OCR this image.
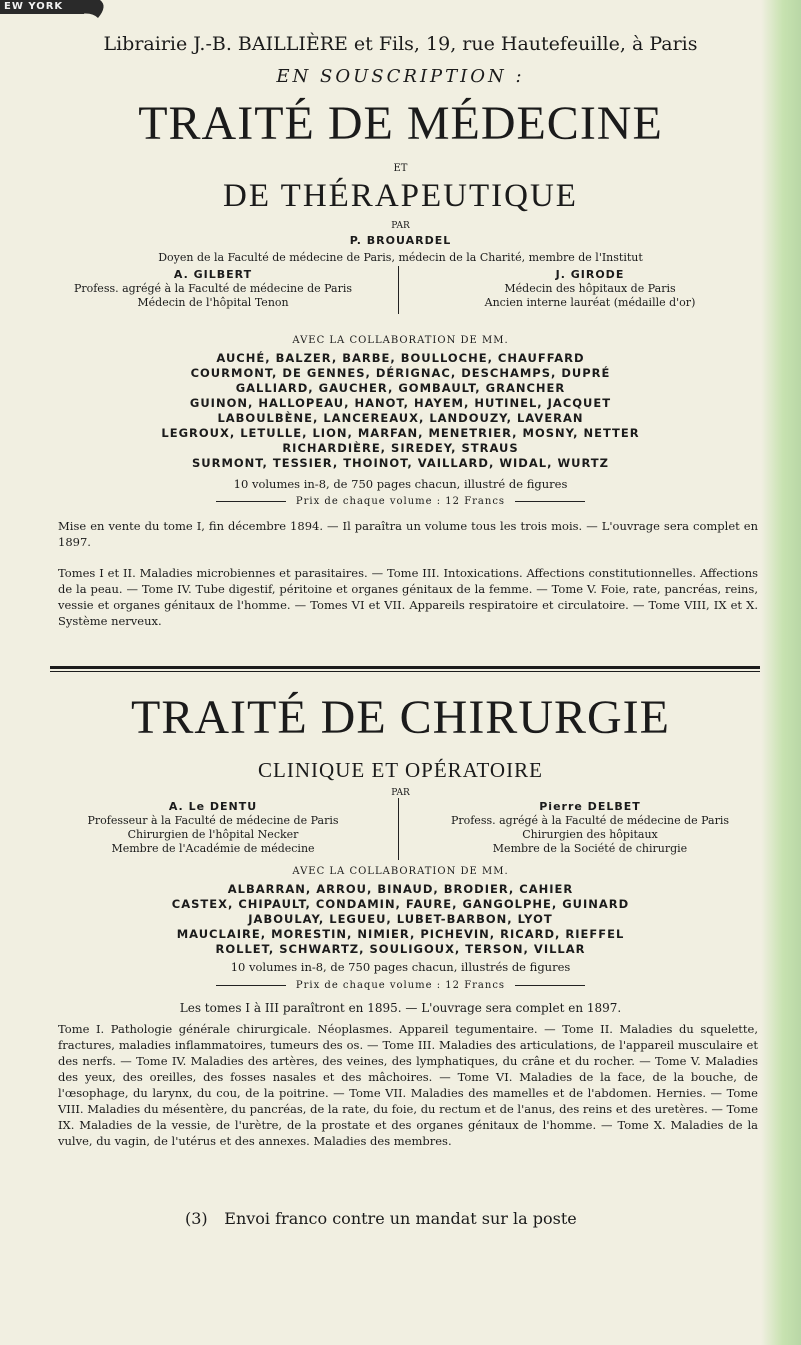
EW YORK
Librairie J.-B. BAILLIÈRE et Fils, 19, rue Hautefeuille, à Paris
EN SOUSCRIPTION :
TRAITÉ DE MÉDECINE
ET
DE THÉRAPEUTIQUE
PAR
P. BROUARDEL
Doyen de la Faculté de médecine de Paris, médecin de la Charité, membre de l'Institut
A. GILBERT
Profess. agrégé à la Faculté de médecine de Paris
Médecin de l'hôpital Tenon
J. GIRODE
Médecin des hôpitaux de Paris
Ancien interne lauréat (médaille d'or)
AVEC LA COLLABORATION DE MM.
AUCHÉ, BALZER, BARBE, BOULLOCHE, CHAUFFARD
COURMONT, DE GENNES, DÉRIGNAC, DESCHAMPS, DUPRÉ
GALLIARD, GAUCHER, GOMBAULT, GRANCHER
GUINON, HALLOPEAU, HANOT, HAYEM, HUTINEL, JACQUET
LABOULBÈNE, LANCEREAUX, LANDOUZY, LAVERAN
LEGROUX, LETULLE, LION, MARFAN, MENETRIER, MOSNY, NETTER
RICHARDIÈRE, SIREDEY, STRAUS
SURMONT, TESSIER, THOINOT, VAILLARD, WIDAL, WURTZ
10 volumes in-8, de 750 pages chacun, illustré de figures
Prix de chaque volume : 12 Francs
Mise en vente du tome I, fin décembre 1894. — Il paraîtra un volume tous les trois mois. — L'ouvrage sera complet en 1897.
Tomes I et II. Maladies microbiennes et parasitaires. — Tome III. Intoxications. Affections constitutionnelles. Affections de la peau. — Tome IV. Tube digestif, péritoine et organes génitaux de la femme. — Tome V. Foie, rate, pancréas, reins, vessie et organes génitaux de l'homme. — Tomes VI et VII. Appareils respiratoire et circulatoire. — Tome VIII, IX et X. Système nerveux.
TRAITÉ DE CHIRURGIE
CLINIQUE ET OPÉRATOIRE
PAR
A. Le DENTU
Professeur à la Faculté de médecine de Paris
Chirurgien de l'hôpital Necker
Membre de l'Académie de médecine
Pierre DELBET
Profess. agrégé à la Faculté de médecine de Paris
Chirurgien des hôpitaux
Membre de la Société de chirurgie
AVEC LA COLLABORATION DE MM.
ALBARRAN, ARROU, BINAUD, BRODIER, CAHIER
CASTEX, CHIPAULT, CONDAMIN, FAURE, GANGOLPHE, GUINARD
JABOULAY, LEGUEU, LUBET-BARBON, LYOT
MAUCLAIRE, MORESTIN, NIMIER, PICHEVIN, RICARD, RIEFFEL
ROLLET, SCHWARTZ, SOULIGOUX, TERSON, VILLAR
10 volumes in-8, de 750 pages chacun, illustrés de figures
Prix de chaque volume : 12 Francs
Les tomes I à III paraîtront en 1895. — L'ouvrage sera complet en 1897.
Tome I. Pathologie générale chirurgicale. Néoplasmes. Appareil tegumentaire. — Tome II. Maladies du squelette, fractures, maladies inflammatoires, tumeurs des os. — Tome III. Maladies des articulations, de l'appareil musculaire et des nerfs. — Tome IV. Maladies des artères, des veines, des lymphatiques, du crâne et du rocher. — Tome V. Maladies des yeux, des oreilles, des fosses nasales et des mâchoires. — Tome VI. Maladies de la face, de la bouche, de l'œsophage, du larynx, du cou, de la poitrine. — Tome VII. Maladies des mamelles et de l'abdomen. Hernies. — Tome VIII. Maladies du mésentère, du pancréas, de la rate, du foie, du rectum et de l'anus, des reins et des uretères. — Tome IX. Maladies de la vessie, de l'urètre, de la prostate et des organes génitaux de l'homme. — Tome X. Maladies de la vulve, du vagin, de l'utérus et des annexes. Maladies des membres.
(3)	Envoi franco contre un mandat sur la poste
